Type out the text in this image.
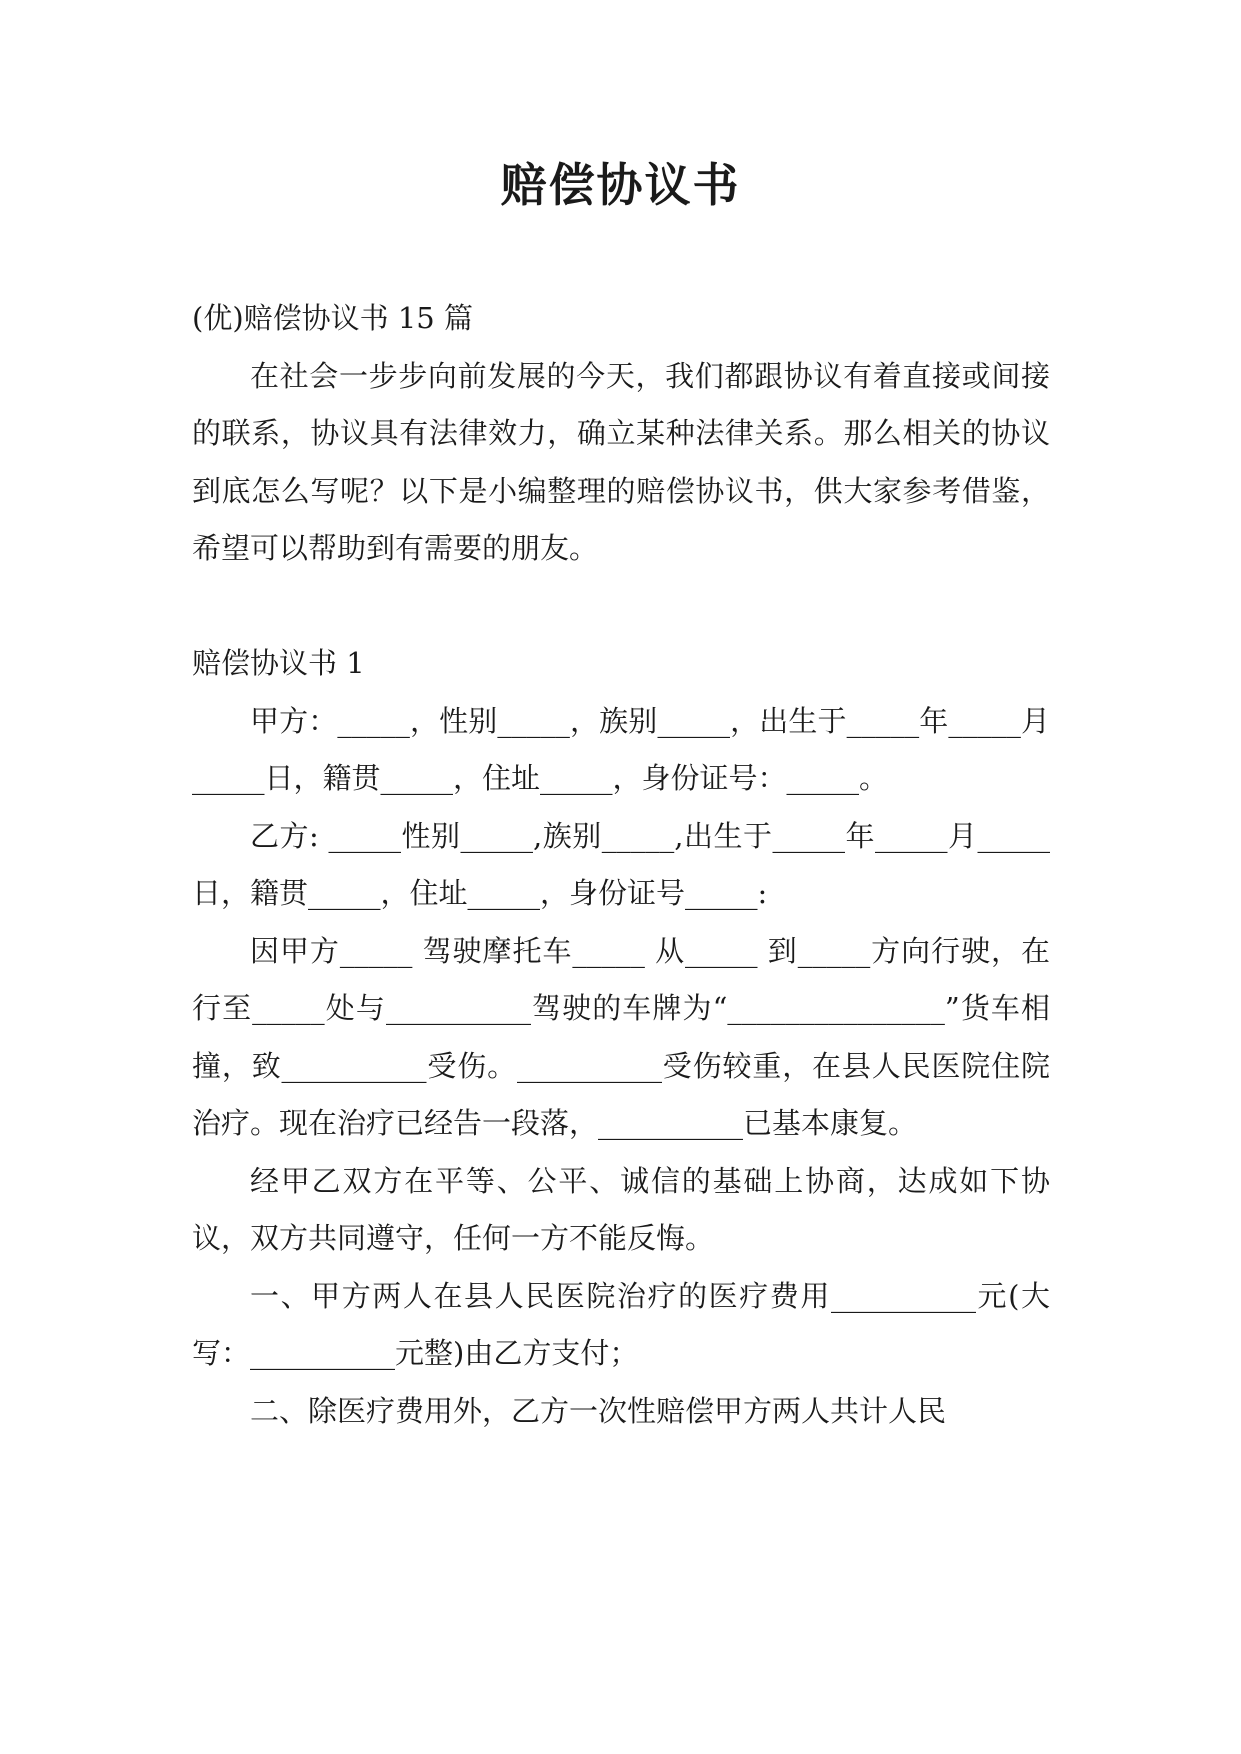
赔偿协议书

(优)赔偿协议书 15 篇

在社会一步步向前发展的今天，我们都跟协议有着直接或间接的联系，协议具有法律效力，确立某种法律关系。那么相关的协议到底怎么写呢？以下是小编整理的赔偿协议书，供大家参考借鉴，希望可以帮助到有需要的朋友。

赔偿协议书 1

甲方：_____，性别_____，族别_____，出生于_____年_____月_____日，籍贯_____，住址_____，身份证号：_____。

乙方: _____性别_____,族别_____,出生于_____年_____月_____日，籍贯_____，住址_____，身份证号_____:

因甲方_____ 驾驶摩托车_____ 从_____ 到_____方向行驶，在行至_____处与__________驾驶的车牌为“_______________”货车相撞，致__________受伤。__________受伤较重，在县人民医院住院治疗。现在治疗已经告一段落，__________已基本康复。

经甲乙双方在平等、公平、诚信的基础上协商，达成如下协议，双方共同遵守，任何一方不能反悔。

一、甲方两人在县人民医院治疗的医疗费用__________元(大写：__________元整)由乙方支付；

二、除医疗费用外，乙方一次性赔偿甲方两人共计人民
